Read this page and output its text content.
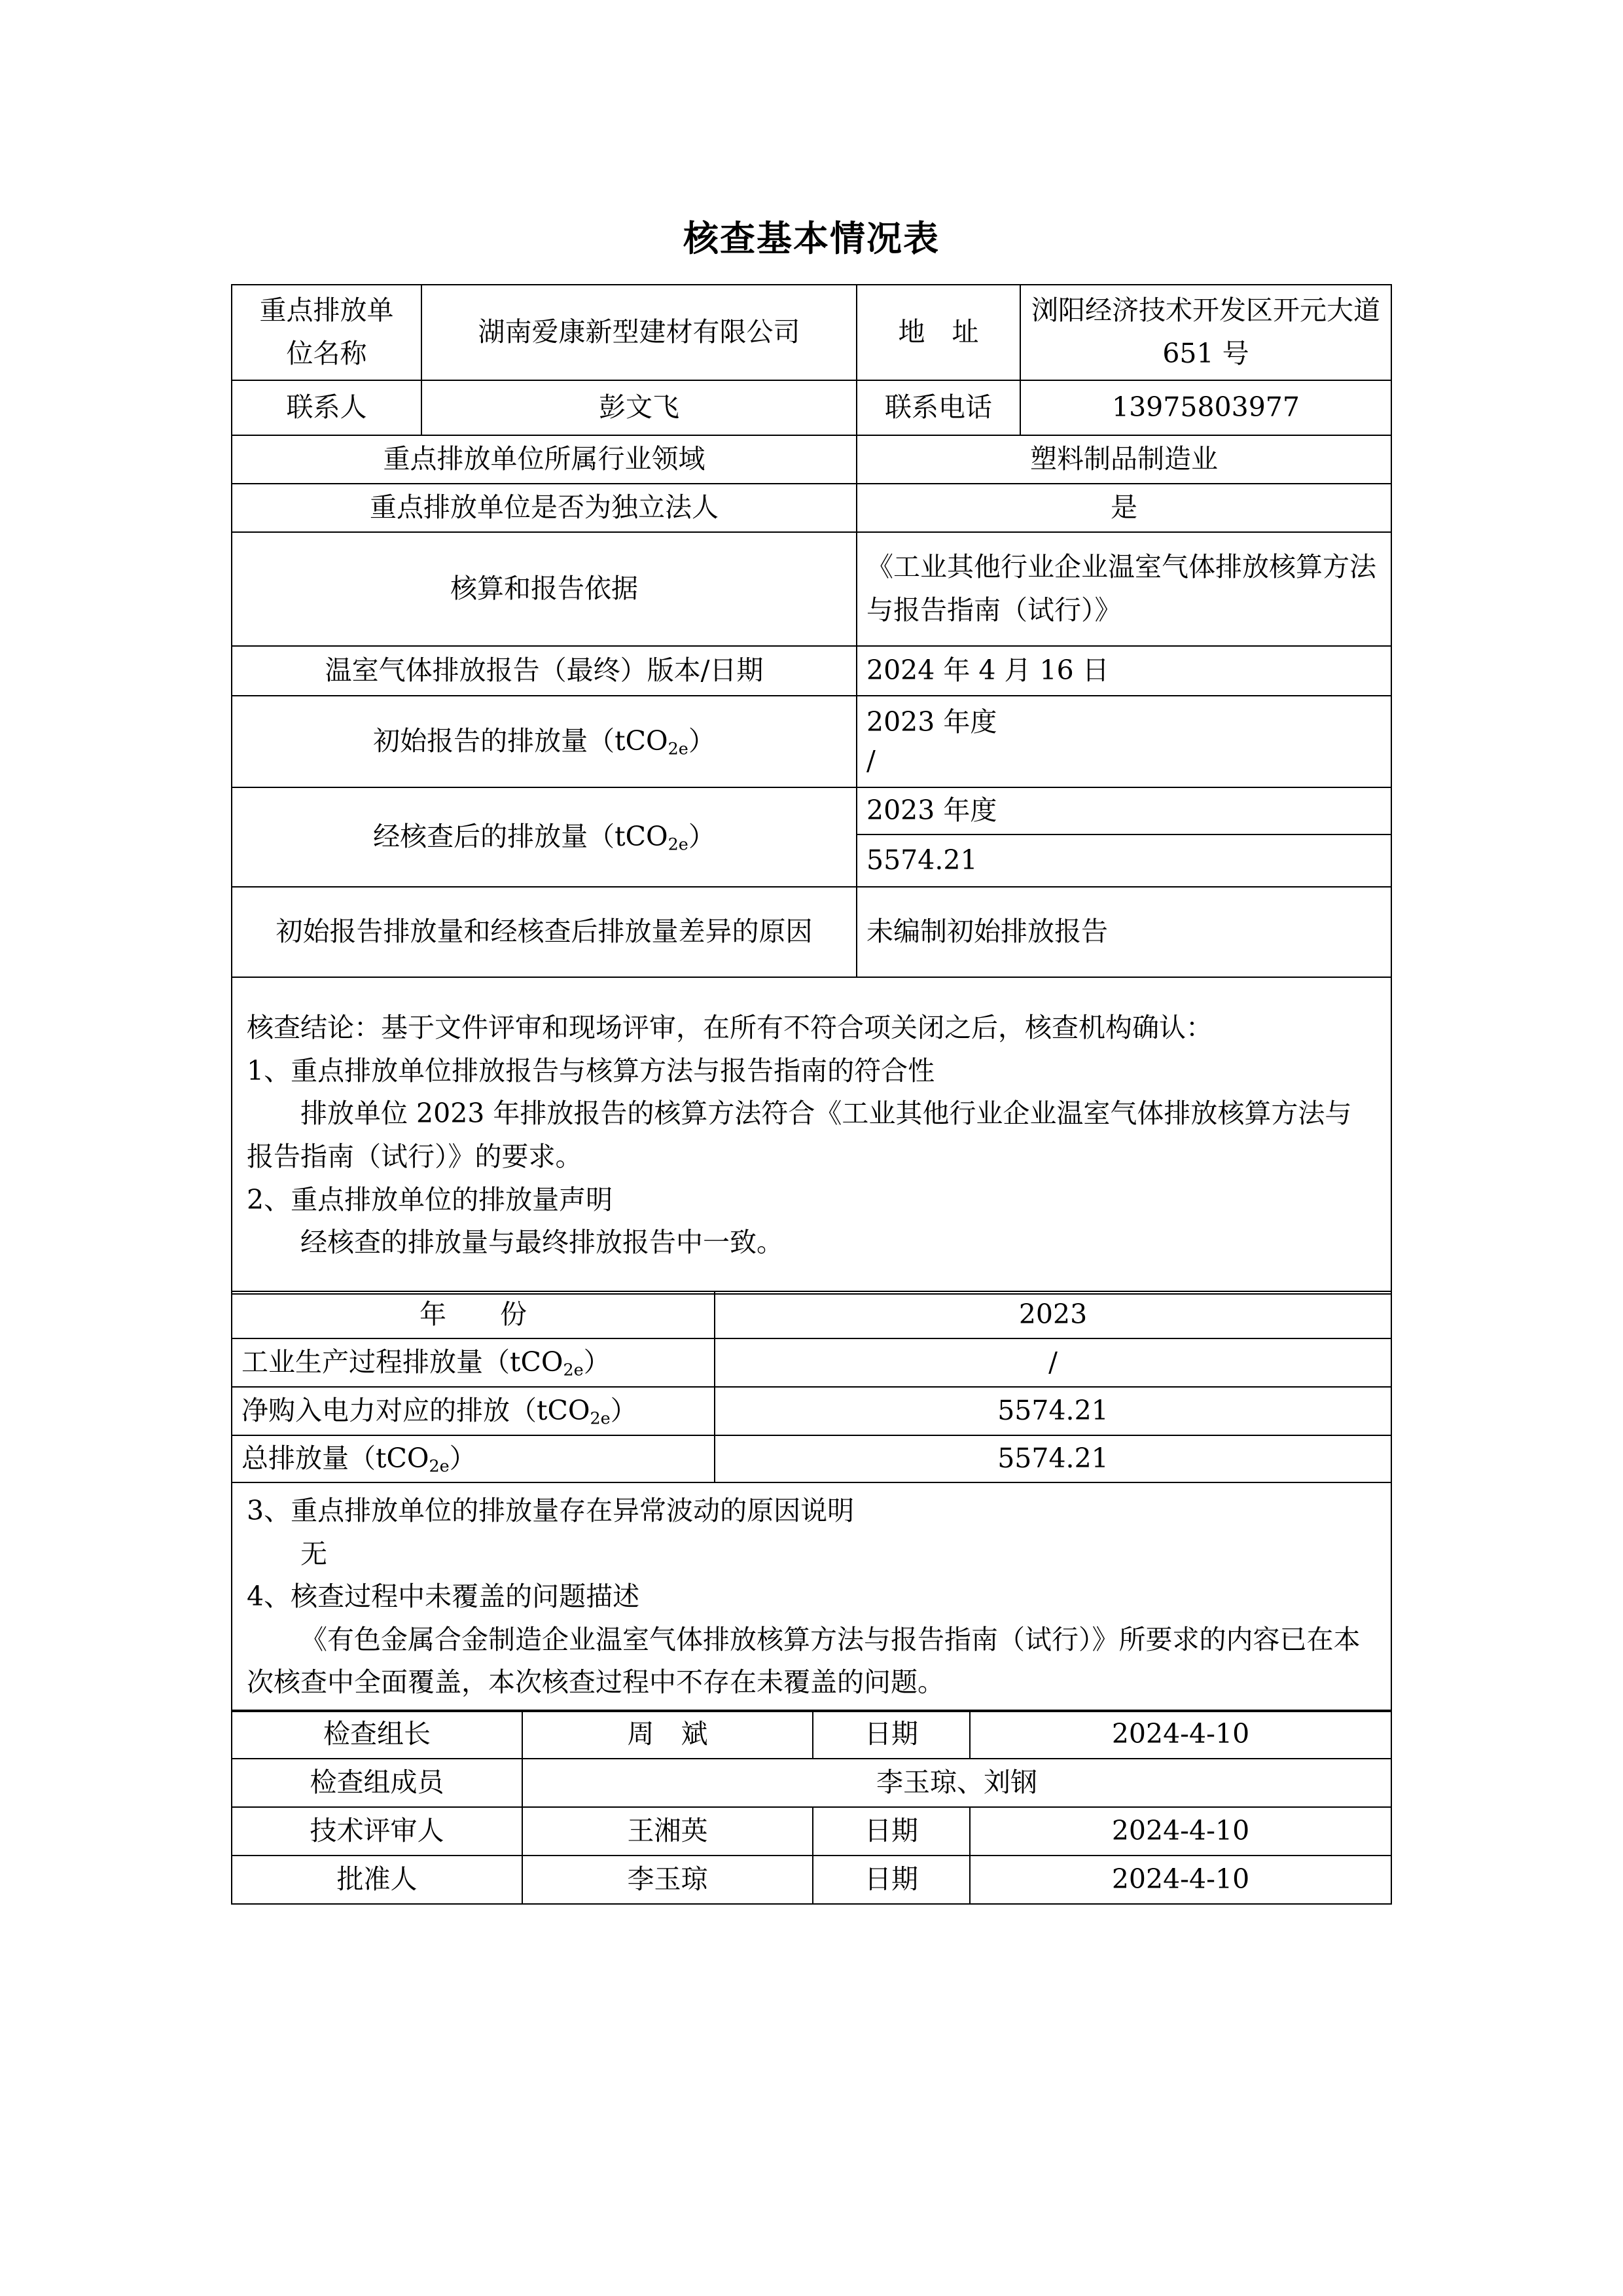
核查基本情况表
重点排放单位名称	湖南爱康新型建材有限公司	地　址	浏阳经济技术开发区开元大道 651 号
联系人	彭文飞	联系电话	13975803977
重点排放单位所属行业领域		塑料制品制造业	
重点排放单位是否为独立法人		是	
核算和报告依据		《工业其他行业企业温室气体排放核算方法与报告指南（试行）》	
温室气体排放报告（最终）版本/日期		2024 年 4 月 16 日	
初始报告的排放量（tCO$_{2e}$）		2023 年度
/	

经核查后的排放量（tCO$_{2e}$）		2023 年度	
		5574.21	
初始报告排放量和经核查后排放量差异的原因		未编制初始排放报告	

核查结论：基于文件评审和现场评审，在所有不符合项关闭之后，核查机构确认：

1、重点排放单位排放报告与核算方法与报告指南的符合性

排放单位 2023 年排放报告的核算方法符合《工业其他行业企业温室气体排放核算方法与报告指南（试行）》的要求。

2、重点排放单位的排放量声明

经核查的排放量与最终排放报告中一致。			

年　　份	2023
工业生产过程排放量（tCO$_{2e}$）	/
净购入电力对应的排放（tCO$_{2e}$）	5574.21
总排放量（tCO$_{2e}$）	5574.21

3、重点排放单位的排放量存在异常波动的原因说明

无

4、核查过程中未覆盖的问题描述

《有色金属合金制造企业温室气体排放核算方法与报告指南（试行）》所要求的内容已在本次核查中全面覆盖，本次核查过程中不存在未覆盖的问题。	

检查组长	周　斌	日期	2024-4-10
检查组成员	李玉琼、刘钢		
技术评审人	王湘英	日期	2024-4-10
批准人	李玉琼	日期	2024-4-10
